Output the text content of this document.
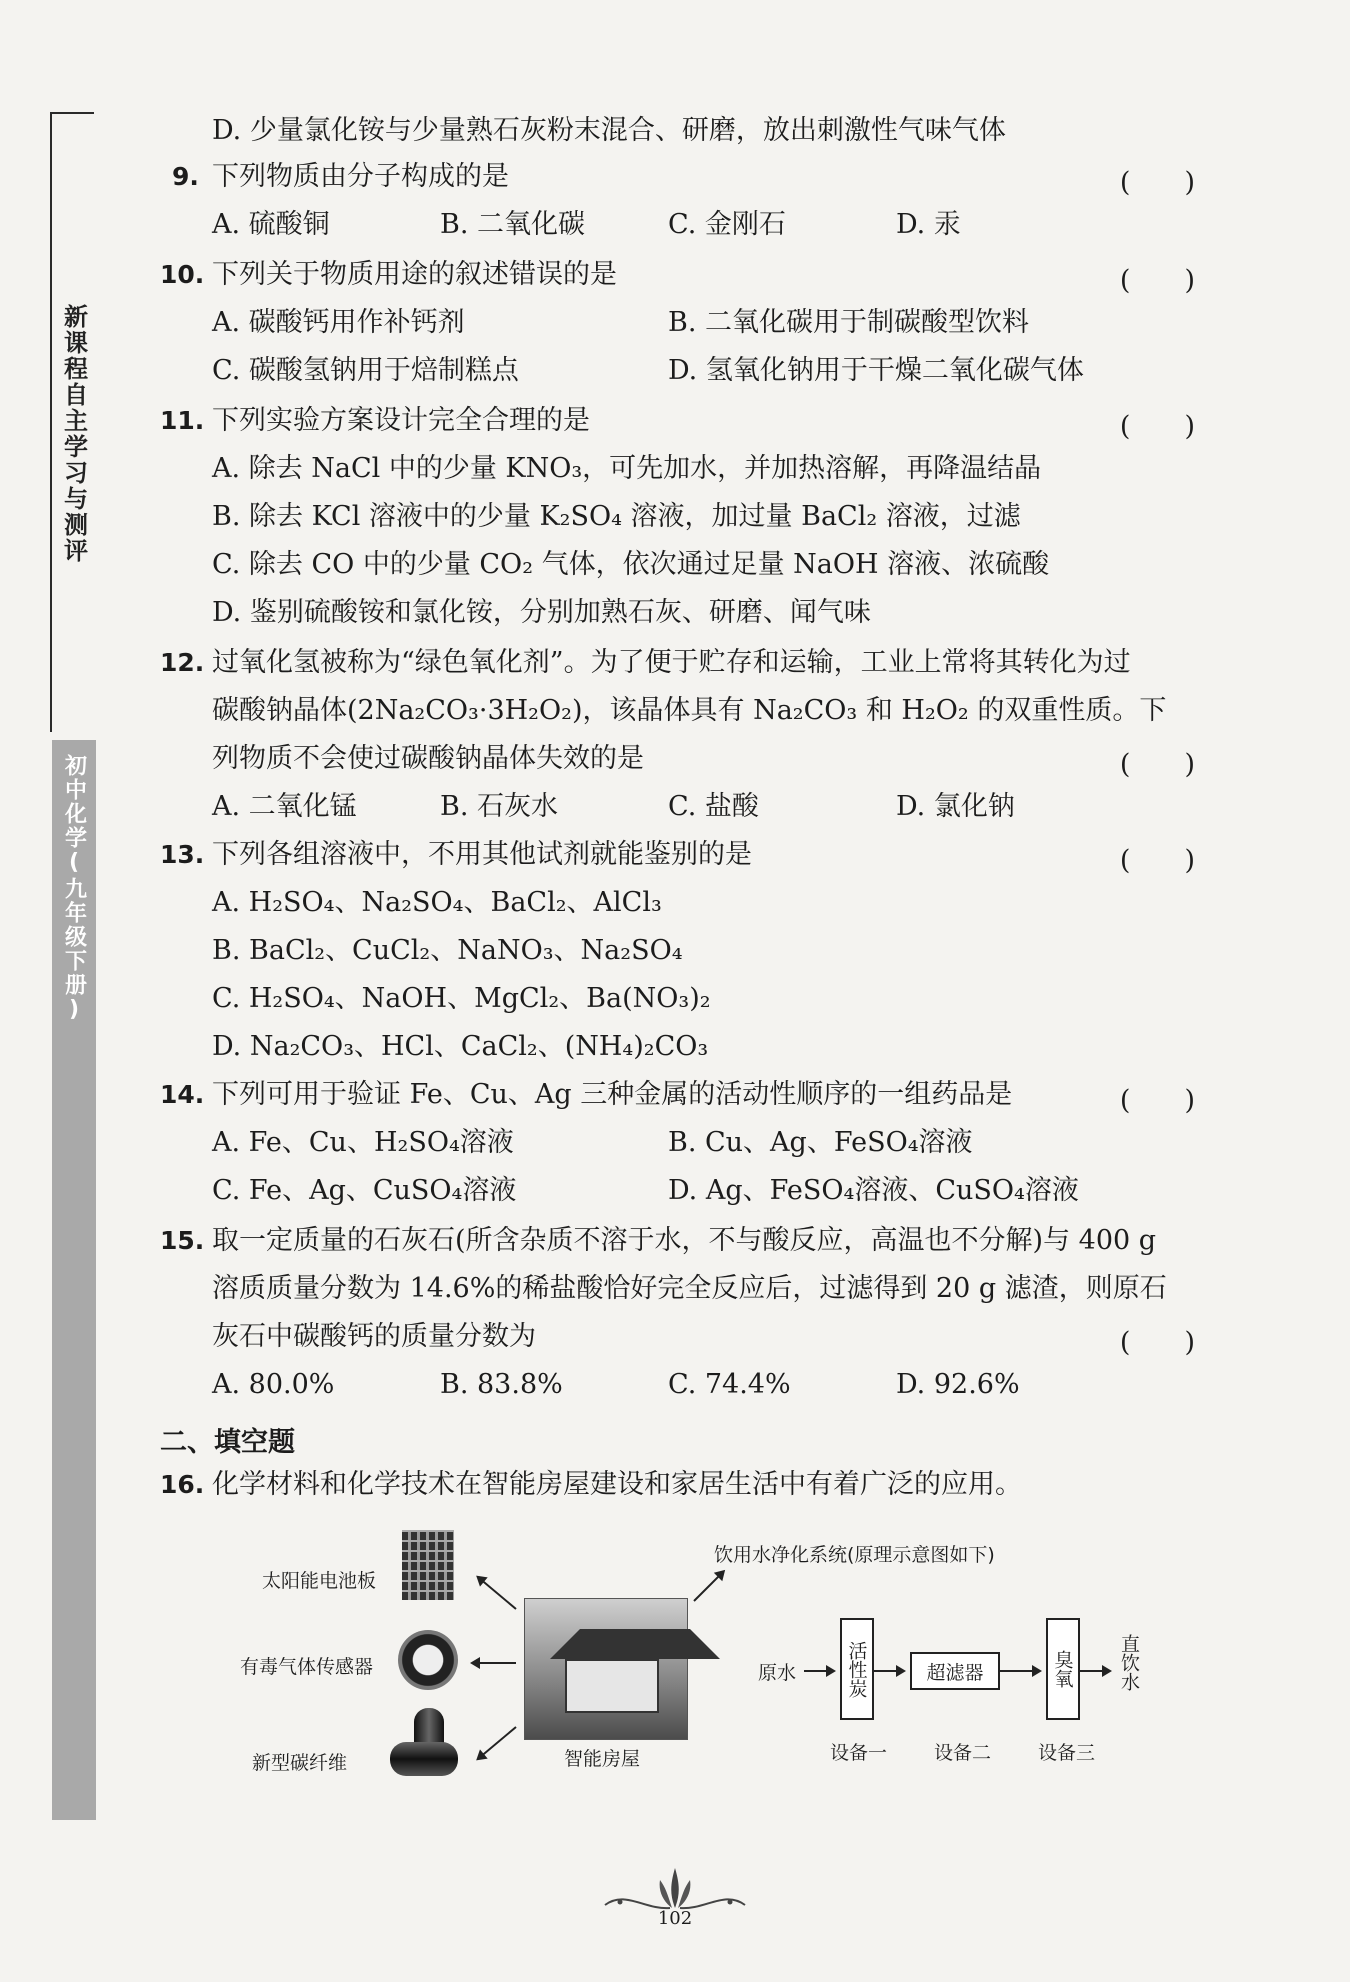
新课程自主学习与测评
初中化学(九年级下册)
D. 少量氯化铵与少量熟石灰粉末混合、研磨，放出刺激性气味气体
9. 下列物质由分子构成的是	(　　)
A. 硫酸铜	B. 二氧化碳	C. 金刚石	D. 汞
10. 下列关于物质用途的叙述错误的是	(　　)
A. 碳酸钙用作补钙剂	B. 二氧化碳用于制碳酸型饮料
C. 碳酸氢钠用于焙制糕点	D. 氢氧化钠用于干燥二氧化碳气体
11. 下列实验方案设计完全合理的是	(　　)
A. 除去 NaCl 中的少量 KNO₃，可先加水，并加热溶解，再降温结晶
B. 除去 KCl 溶液中的少量 K₂SO₄ 溶液，加过量 BaCl₂ 溶液，过滤
C. 除去 CO 中的少量 CO₂ 气体，依次通过足量 NaOH 溶液、浓硫酸
D. 鉴别硫酸铵和氯化铵，分别加熟石灰、研磨、闻气味
12. 过氧化氢被称为“绿色氧化剂”。为了便于贮存和运输，工业上常将其转化为过
碳酸钠晶体(2Na₂CO₃·3H₂O₂)，该晶体具有 Na₂CO₃ 和 H₂O₂ 的双重性质。下
列物质不会使过碳酸钠晶体失效的是	(　　)
A. 二氧化锰	B. 石灰水	C. 盐酸	D. 氯化钠
13. 下列各组溶液中，不用其他试剂就能鉴别的是	(　　)
A. H₂SO₄、Na₂SO₄、BaCl₂、AlCl₃
B. BaCl₂、CuCl₂、NaNO₃、Na₂SO₄
C. H₂SO₄、NaOH、MgCl₂、Ba(NO₃)₂
D. Na₂CO₃、HCl、CaCl₂、(NH₄)₂CO₃
14. 下列可用于验证 Fe、Cu、Ag 三种金属的活动性顺序的一组药品是	(　　)
A. Fe、Cu、H₂SO₄溶液	B. Cu、Ag、FeSO₄溶液
C. Fe、Ag、CuSO₄溶液	D. Ag、FeSO₄溶液、CuSO₄溶液
15. 取一定质量的石灰石(所含杂质不溶于水，不与酸反应，高温也不分解)与 400 g
溶质质量分数为 14.6%的稀盐酸恰好完全反应后，过滤得到 20 g 滤渣，则原石
灰石中碳酸钙的质量分数为	(　　)
A. 80.0%	B. 83.8%	C. 74.4%	D. 92.6%
二、填空题
16. 化学材料和化学技术在智能房屋建设和家居生活中有着广泛的应用。
太阳能电池板
有毒气体传感器
新型碳纤维	智能房屋
饮用水净化系统(原理示意图如下)
原水	活性炭	超滤器	臭氧	直饮水
设备一 设备二 设备三
102
